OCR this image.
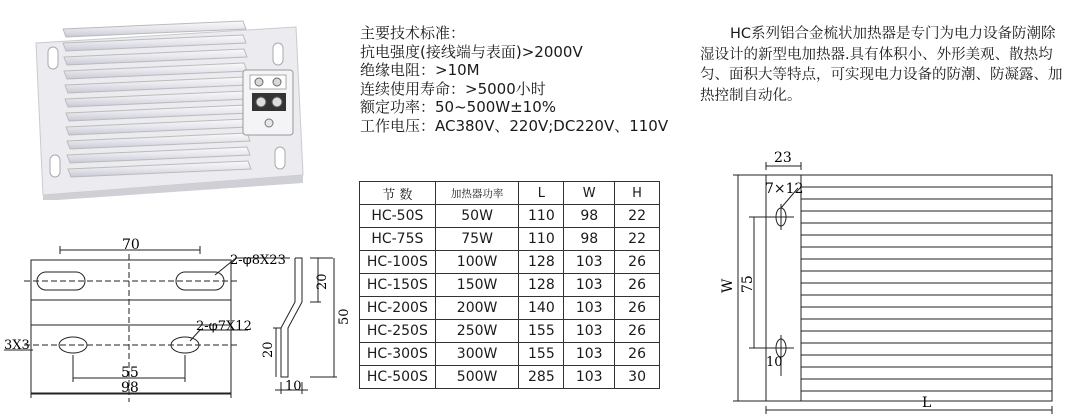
主要技术标准：
抗电强度(接线端与表面)>2000V
绝缘电阻：>10M
连续使用寿命：>5000小时
额定功率：50~500W±10%
工作电压：AC380V、220V;DC220V、110V
HC系列铝合金梳状加热器是专门为电力设备防潮除湿设计的新型电加热器.具有体积小、外形美观、散热均匀、面积大等特点，可实现电力设备的防潮、防凝露、加热控制自动化。
节 数	加热器功率	L	W	H
HC-50S	50W	110	98	22
HC-75S	75W	110	98	22
HC-100S	100W	128	103	26
HC-150S	150W	128	103	26
HC-200S	200W	140	103	26
HC-250S	250W	155	103	26
HC-300S	300W	155	103	26
HC-500S	500W	285	103	30
70
2-φ8X23
2-φ7X12
55
98
3X3
20
50
20
10
23
7×12
W 75
10
L
